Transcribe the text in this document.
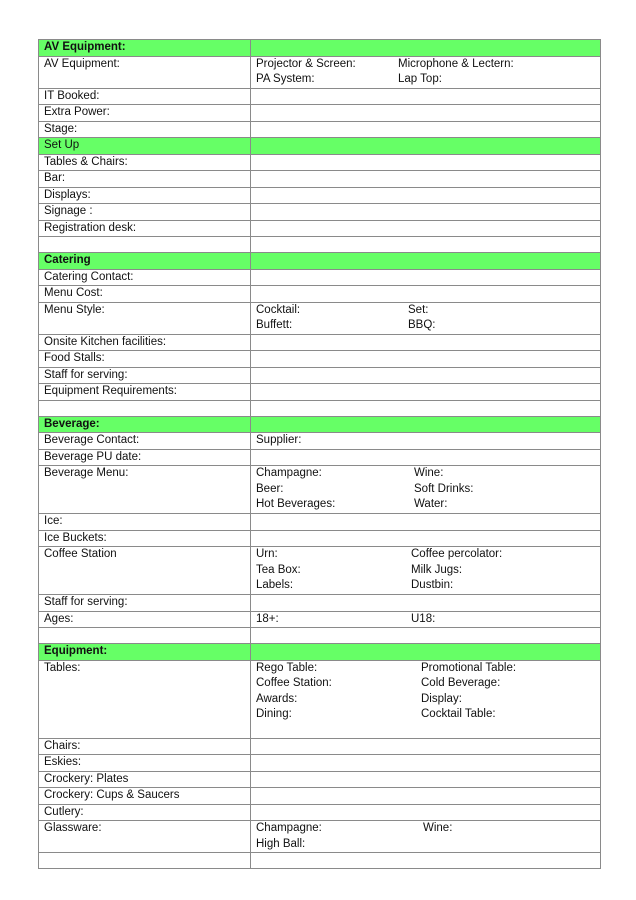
AV Equipment:	
AV Equipment:	Projector & Screen: Microphone & Lectern:
PA System: Lap Top:

IT Booked:	
Extra Power:	
Stage:	
Set Up	
Tables & Chairs:	
Bar:	
Displays:	
Signage :	
Registration desk:	

Catering	
Catering Contact:	
Menu Cost:	
Menu Style:	Cocktail: Set:
Buffett: BBQ:

Onsite Kitchen facilities:	
Food Stalls:	
Staff for serving:	
Equipment Requirements:	

Beverage:	
Beverage Contact:	Supplier:
Beverage PU date:	
Beverage Menu:	Champagne:	Wine:
Beer:	Soft Drinks:
Hot Beverages:	Water:

Ice:	
Ice Buckets:	
Coffee Station	Urn:	Coffee percolator:
Tea Box:	Milk Jugs:
Labels:	Dustbin:

Staff for serving:	
Ages:	18+: U18:

Equipment:	
Tables:	Rego Table:	Promotional Table:
Coffee Station:	Cold Beverage:
Awards:	Display:
Dining:	Cocktail Table:

Chairs:	
Eskies:	
Crockery: Plates	
Crockery: Cups & Saucers	
Cutlery:	
Glassware:	Champagne: Wine:
High Ball:
